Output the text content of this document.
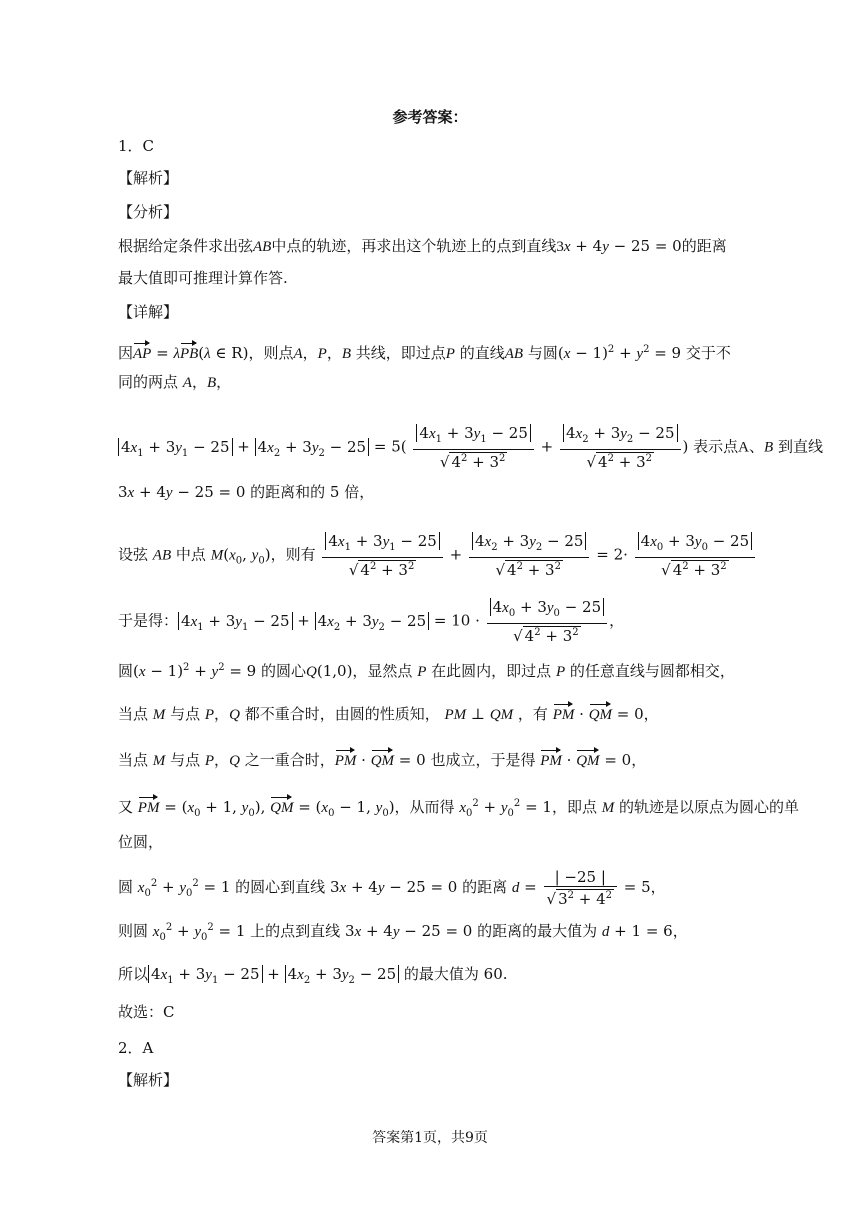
参考答案：
1．C
【解析】
【分析】
根据给定条件求出弦AB中点的轨迹，再求出这个轨迹上的点到直线3x + 4y − 25 = 0的距离
最大值即可推理计算作答.
【详解】
因AP = λPB(λ ∈ R)，则点A，P，B 共线，即过点P 的直线AB 与圆$(x - 1)^2 + y^2 = 9$ 交于不
同的两点 A，B，
$4x_1 + 3y_1 - 25 + 4x_2 + 3y_2 - 25 = 5( \frac{4x_1 + 3y_1 - 25}{√ 4^2 + 3^2} + \frac{4x_2 + 3y_2 - 25}{√ 4^2 + 3^2}$ ) 表示点A、B 到直线
3x + 4y − 25 = 0 的距离和的 5 倍，
设弦 AB 中点 $M(x_0$, $y_0$)，则有 $\frac{4x_1 + 3y_1 - 25}{√ 4^2 + 3^2} + \frac{4x_2 + 3y_2 - 25}{√ 4^2 + 3^2} = 2\cdot \frac{4x_0 + 3y_0 - 25}{√ 4^2 + 3^2}$
于是得： $4x_1 + 3y_1 - 25 + 4x_2 + 3y_2 - 25 = 10 \cdot \frac{4x_0 + 3y_0 - 25}{√ 4^2 + 3^2}$ ，
圆$(x - 1)^2 + y^2 = 9$ 的圆心Q(1,0)，显然点 P 在此圆内，即过点 P 的任意直线与圆都相交，
当点 M 与点 P，Q 都不重合时，由圆的性质知， PM ⊥ QM ，有 PM · QM = 0，
当点 M 与点 P，Q 之一重合时，PM · QM = 0 也成立，于是得 PM · QM = 0，
又 PM = ($x_0 + 1$, $y_0$), QM = ($x_0 - 1$, $y_0$)，从而得 $x_0^2 + y_0^2 = 1$，即点 M 的轨迹是以原点为圆心的单
位圆，
圆 $x_0^2 + y_0^2 = 1$ 的圆心到直线 3x + 4y − 25 = 0 的距离 $d = \frac{| -25 |}{√ 3^2 + 4^2} = 5$，
则圆 $x_0^2 + y_0^2 = 1$ 上的点到直线 3x + 4y − 25 = 0 的距离的最大值为 d + 1 = 6，
所以 $4x_1 + 3y_1 - 25 + 4x_2 + 3y_2 - 25$ 的最大值为 60.
故选：C
2．A
【解析】
答案第1页，共9页
